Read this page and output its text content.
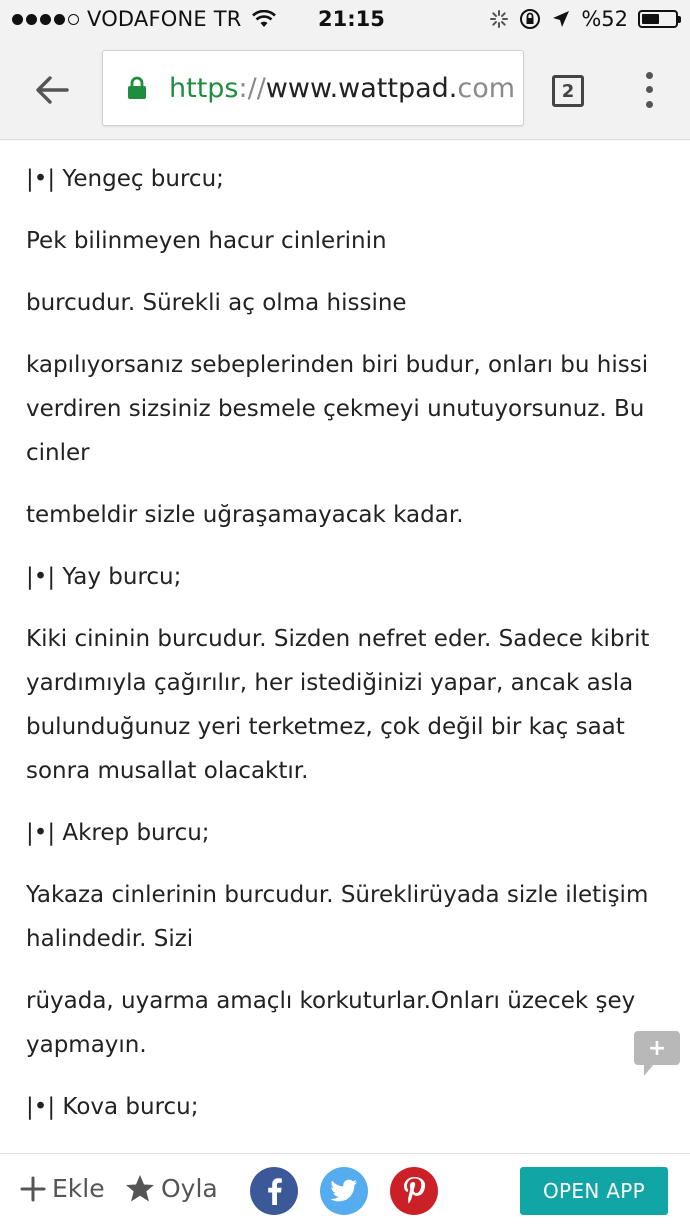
VODAFONE TR	21:15	%52
https :// www.wattpad. com	2

|•| Yengeç burcu;

Pek bilinmeyen hacur cinlerinin

burcudur. Sürekli aç olma hissine

kapılıyorsanız sebeplerinden biri budur, onları bu hissi verdiren sizsiniz besmele çekmeyi unutuyorsunuz. Bu cinler

tembeldir sizle uğraşamayacak kadar.

|•| Yay burcu;

Kiki cininin burcudur. Sizden nefret eder. Sadece kibrit yardımıyla çağırılır, her istediğinizi yapar, ancak asla bulunduğunuz yeri terketmez, çok değil bir kaç saat sonra musallat olacaktır.

|•| Akrep burcu;

Yakaza cinlerinin burcudur. Süreklirüyada sizle iletişim halindedir. Sizi

rüyada, uyarma amaçlı korkuturlar.Onları üzecek şey yapmayın.

|•| Kova burcu;

+
Ekle Oyla	OPEN APP
